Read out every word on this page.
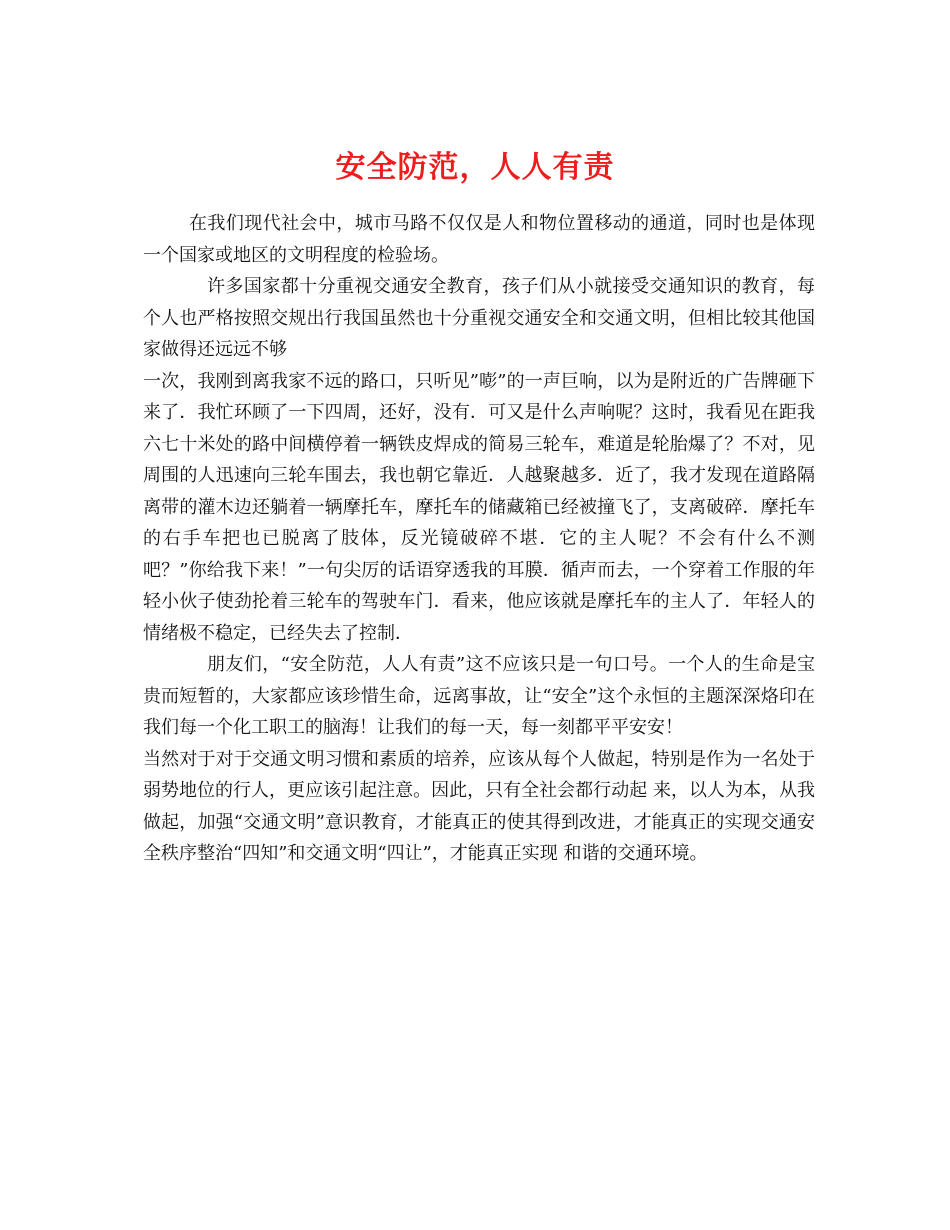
安全防范，人人有责

在我们现代社会中，城市马路不仅仅是人和物位置移动的通道，同时也是体现一个国家或地区的文明程度的检验场。

许多国家都十分重视交通安全教育，孩子们从小就接受交通知识的教育，每个人也严格按照交规出行我国虽然也十分重视交通安全和交通文明，但相比较其他国家做得还远远不够

一次，我刚到离我家不远的路口，只听见”嘭”的一声巨响，以为是附近的广告牌砸下来了．我忙环顾了一下四周，还好，没有．可又是什么声响呢？这时，我看见在距我六七十米处的路中间横停着一辆铁皮焊成的简易三轮车，难道是轮胎爆了？不对，见周围的人迅速向三轮车围去，我也朝它靠近．人越聚越多．近了，我才发现在道路隔离带的灌木边还躺着一辆摩托车，摩托车的储藏箱已经被撞飞了，支离破碎．摩托车的右手车把也已脱离了肢体，反光镜破碎不堪．它的主人呢？不会有什么不测吧？”你给我下来！”一句尖厉的话语穿透我的耳膜．循声而去，一个穿着工作服的年轻小伙子使劲抡着三轮车的驾驶车门．看来，他应该就是摩托车的主人了．年轻人的情绪极不稳定，已经失去了控制．

朋友们，“安全防范，人人有责”这不应该只是一句口号。一个人的生命是宝贵而短暂的，大家都应该珍惜生命，远离事故，让“安全”这个永恒的主题深深烙印在我们每一个化工职工的脑海！让我们的每一天，每一刻都平平安安！

当然对于对于交通文明习惯和素质的培养，应该从每个人做起，特别是作为一名处于弱势地位的行人，更应该引起注意。因此，只有全社会都行动起 来，以人为本，从我做起，加强“交通文明”意识教育，才能真正的使其得到改进，才能真正的实现交通安全秩序整治“四知”和交通文明“四让”，才能真正实现 和谐的交通环境。
